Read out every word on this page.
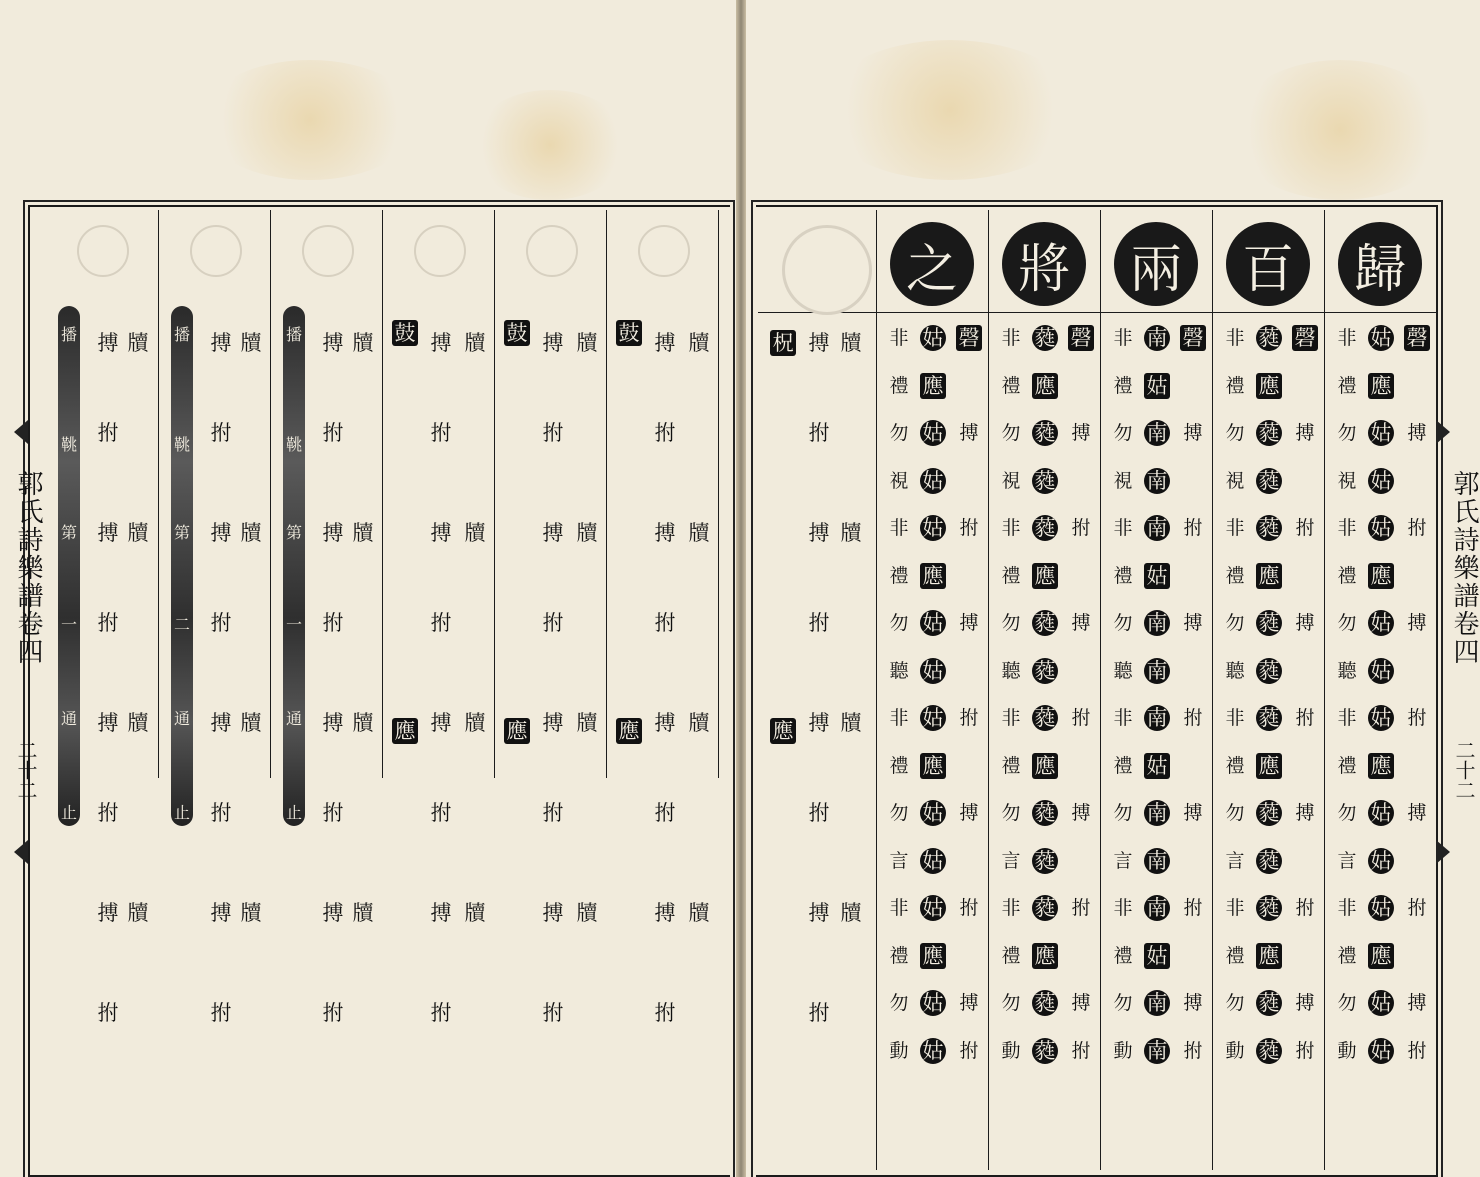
郭氏詩樂譜卷四
二十二
郭氏詩樂譜卷四
二十二
播
鞉
第
一
通
止
牘
搏
拊
牘
搏
拊
牘
搏
拊
牘
搏
拊
播
鞉
第
二
通
止
牘
搏
拊
牘
搏
拊
牘
搏
拊
牘
搏
拊
播
鞉
第
一
通
止
牘
搏
拊
牘
搏
拊
牘
搏
拊
牘
搏
拊
鼓
應
牘
搏
拊
牘
搏
拊
牘
搏
拊
牘
搏
拊
鼓
應
牘
搏
拊
牘
搏
拊
牘
搏
拊
牘
搏
拊
鼓
應
牘
搏
拊
牘
搏
拊
牘
搏
拊
牘
搏
拊
歸
百
兩
將
之
柷
應
牘
搏
拊
牘
搏
拊
牘
搏
拊
牘
搏
拊
磬
姑
非
應
禮
姑
勿
姑
視
姑
非
應
禮
姑
勿
姑
聽
姑
非
應
禮
姑
勿
姑
言
姑
非
應
禮
姑
勿
姑
動
搏
拊
搏
拊
搏
拊
搏
拊
磬
蕤
非
應
禮
蕤
勿
蕤
視
蕤
非
應
禮
蕤
勿
蕤
聽
蕤
非
應
禮
蕤
勿
蕤
言
蕤
非
應
禮
蕤
勿
蕤
動
搏
拊
搏
拊
搏
拊
搏
拊
磬
南
非
姑
禮
南
勿
南
視
南
非
姑
禮
南
勿
南
聽
南
非
姑
禮
南
勿
南
言
南
非
姑
禮
南
勿
南
動
搏
拊
搏
拊
搏
拊
搏
拊
磬
蕤
非
應
禮
蕤
勿
蕤
視
蕤
非
應
禮
蕤
勿
蕤
聽
蕤
非
應
禮
蕤
勿
蕤
言
蕤
非
應
禮
蕤
勿
蕤
動
搏
拊
搏
拊
搏
拊
搏
拊
磬
姑
非
應
禮
姑
勿
姑
視
姑
非
應
禮
姑
勿
姑
聽
姑
非
應
禮
姑
勿
姑
言
姑
非
應
禮
姑
勿
姑
動
搏
拊
搏
拊
搏
拊
搏
拊
